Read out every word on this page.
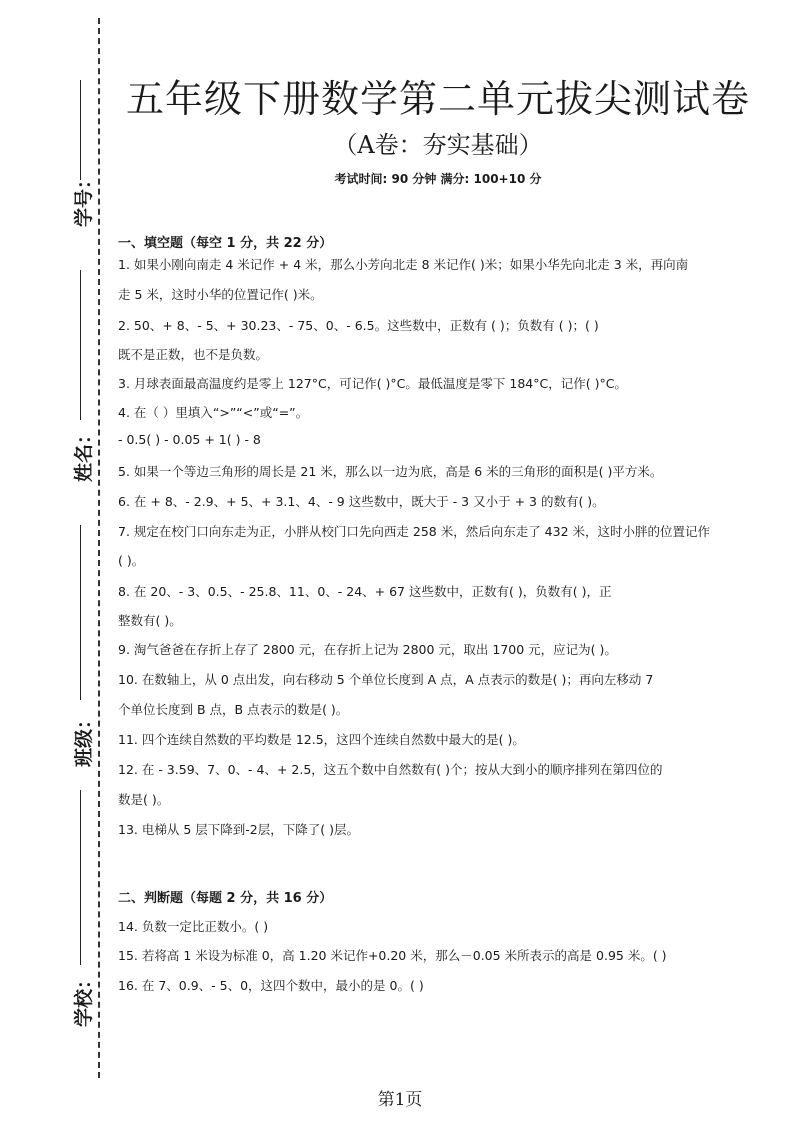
学号：
姓名：
班级：
学校：
五年级下册数学第二单元拔尖测试卷
（A卷：夯实基础）
考试时间: 90 分钟 满分: 100+10 分
一、填空题（每空 1 分，共 22 分）
1. 如果小刚向南走 4 米记作 + 4 米，那么小芳向北走 8 米记作( )米；如果小华先向北走 3 米，再向南
走 5 米，这时小华的位置记作( )米。
2. 50、+ 8、- 5、+ 30.23、- 75、0、- 6.5。这些数中，正数有 ( )；负数有 ( )；( )
既不是正数，也不是负数。
3. 月球表面最高温度约是零上 127°C，可记作( )°C。最低温度是零下 184°C，记作( )°C。
4. 在（ ）里填入“>”“<”或“=”。
- 0.5( ) - 0.05 + 1( ) - 8
5. 如果一个等边三角形的周长是 21 米，那么以一边为底，高是 6 米的三角形的面积是( )平方米。
6. 在 + 8、- 2.9、+ 5、+ 3.1、4、- 9 这些数中，既大于 - 3 又小于 + 3 的数有( )。
7. 规定在校门口向东走为正，小胖从校门口先向西走 258 米，然后向东走了 432 米，这时小胖的位置记作
( )。
8. 在 20、- 3、0.5、- 25.8、11、0、- 24、+ 67 这些数中，正数有( )，负数有( )，正
整数有( )。
9. 淘气爸爸在存折上存了 2800 元，在存折上记为 2800 元，取出 1700 元，应记为( )。
10. 在数轴上，从 0 点出发，向右移动 5 个单位长度到 A 点，A 点表示的数是( )；再向左移动 7
个单位长度到 B 点，B 点表示的数是( )。
11. 四个连续自然数的平均数是 12.5，这四个连续自然数中最大的是( )。
12. 在 - 3.59、7、0、- 4、+ 2.5，这五个数中自然数有( )个；按从大到小的顺序排列在第四位的
数是( )。
13. 电梯从 5 层下降到-2层，下降了( )层。
二、判断题（每题 2 分，共 16 分）
14. 负数一定比正数小。( )
15. 若将高 1 米设为标准 0，高 1.20 米记作+0.20 米，那么－0.05 米所表示的高是 0.95 米。( )
16. 在 7、0.9、- 5、0，这四个数中，最小的是 0。( )
第1页
